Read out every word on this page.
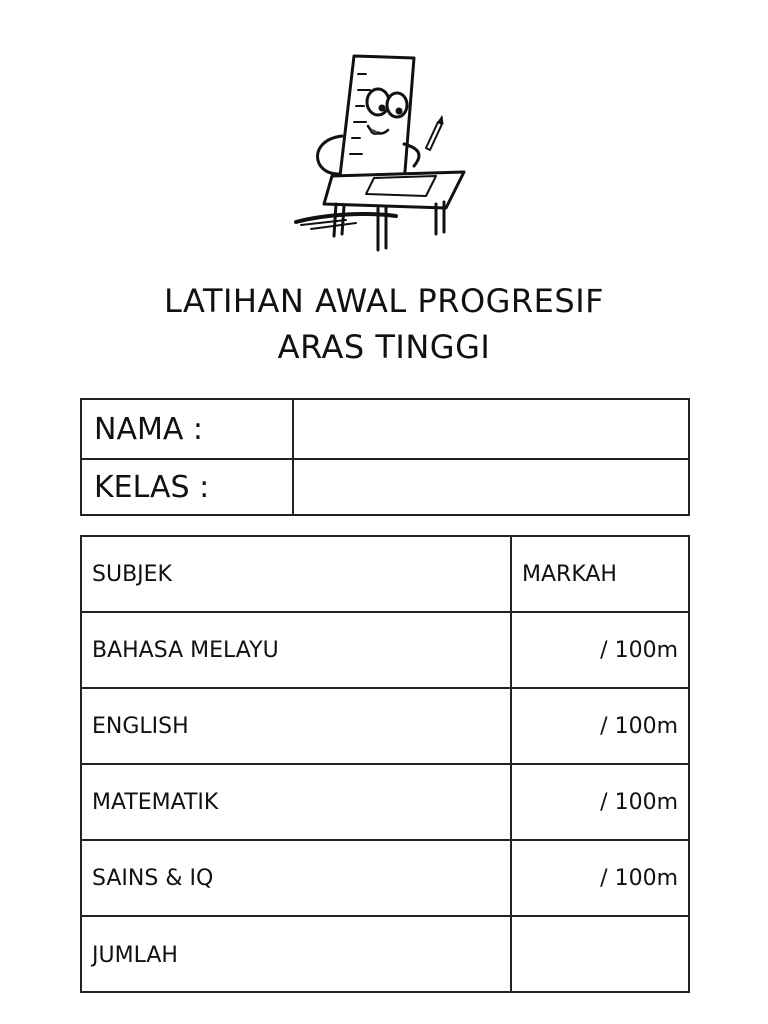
LATIHAN AWAL PROGRESIF
ARAS TINGGI
NAMA :
KELAS :
SUBJEK	MARKAH
BAHASA MELAYU	/ 100m
ENGLISH	/ 100m
MATEMATIK	/ 100m
SAINS & IQ	/ 100m
JUMLAH
